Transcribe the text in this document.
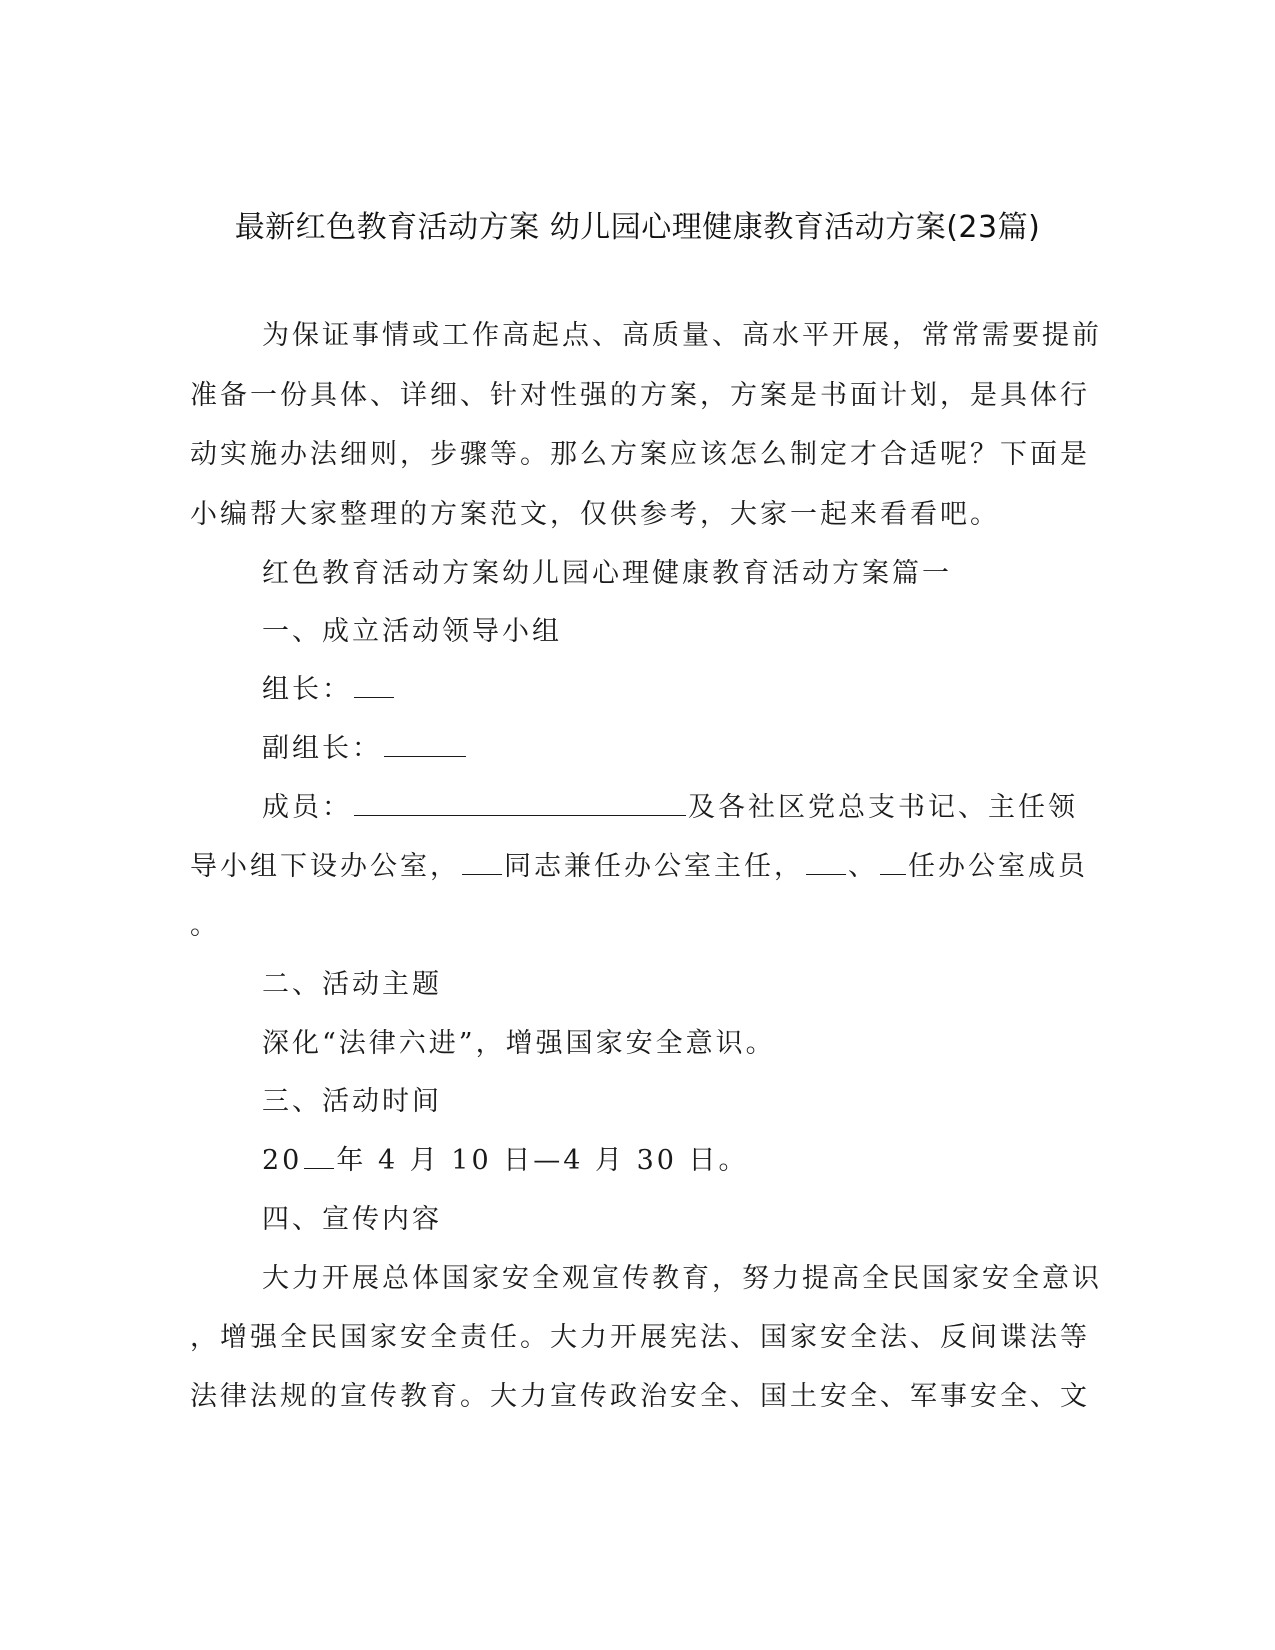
最新红色教育活动方案 幼儿园心理健康教育活动方案(23篇)
为保证事情或工作高起点、高质量、高水平开展，常常需要提前
准备一份具体、详细、针对性强的方案，方案是书面计划，是具体行
动实施办法细则，步骤等。那么方案应该怎么制定才合适呢？下面是
小编帮大家整理的方案范文，仅供参考，大家一起来看看吧。
红色教育活动方案幼儿园心理健康教育活动方案篇一
一、成立活动领导小组
组长：
副组长：
成员：	及各社区党总支书记、主任领
导小组下设办公室， 同志兼任办公室主任， 、 任办公室成员
。
二、活动主题
深化“法律六进”，增强国家安全意识。
三、活动时间
20 年 4 月 10 日—4 月 30 日。
四、宣传内容
大力开展总体国家安全观宣传教育，努力提高全民国家安全意识
，增强全民国家安全责任。大力开展宪法、国家安全法、反间谍法等
法律法规的宣传教育。大力宣传政治安全、国土安全、军事安全、文
